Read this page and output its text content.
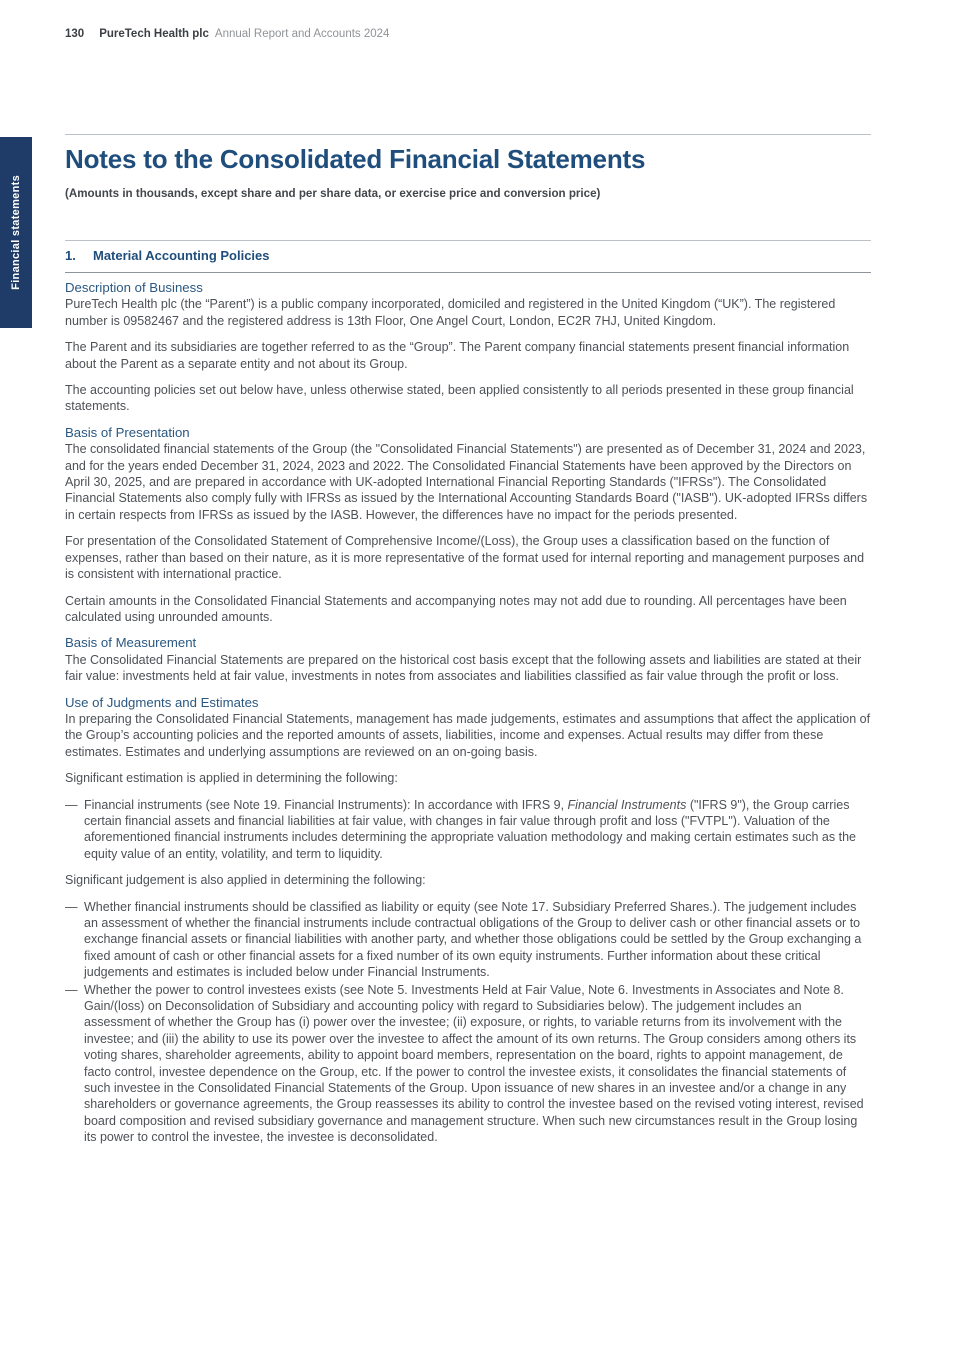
130 PureTech Health plc Annual Report and Accounts 2024
Financial statements
Notes to the Consolidated Financial Statements

(Amounts in thousands, except share and per share data, or exercise price and conversion price)

1. Material Accounting Policies
Description of Business

PureTech Health plc (the “Parent”) is a public company incorporated, domiciled and registered in the United Kingdom (“UK”). The registered number is 09582467 and the registered address is 13th Floor, One Angel Court, London, EC2R 7HJ, United Kingdom.

The Parent and its subsidiaries are together referred to as the “Group”. The Parent company financial statements present financial information about the Parent as a separate entity and not about its Group.

The accounting policies set out below have, unless otherwise stated, been applied consistently to all periods presented in these group financial statements.

Basis of Presentation

The consolidated financial statements of the Group (the "Consolidated Financial Statements") are presented as of December 31, 2024 and 2023, and for the years ended December 31, 2024, 2023 and 2022. The Consolidated Financial Statements have been approved by the Directors on April 30, 2025, and are prepared in accordance with UK-adopted International Financial Reporting Standards ("IFRSs"). The Consolidated Financial Statements also comply fully with IFRSs as issued by the International Accounting Standards Board ("IASB"). UK-adopted IFRSs differs in certain respects from IFRSs as issued by the IASB. However, the differences have no impact for the periods presented.

For presentation of the Consolidated Statement of Comprehensive Income/(Loss), the Group uses a classification based on the function of expenses, rather than based on their nature, as it is more representative of the format used for internal reporting and management purposes and is consistent with international practice.

Certain amounts in the Consolidated Financial Statements and accompanying notes may not add due to rounding. All percentages have been calculated using unrounded amounts.

Basis of Measurement

The Consolidated Financial Statements are prepared on the historical cost basis except that the following assets and liabilities are stated at their fair value: investments held at fair value, investments in notes from associates and liabilities classified as fair value through the profit or loss.

Use of Judgments and Estimates

In preparing the Consolidated Financial Statements, management has made judgements, estimates and assumptions that affect the application of the Group’s accounting policies and the reported amounts of assets, liabilities, income and expenses. Actual results may differ from these estimates. Estimates and underlying assumptions are reviewed on an on-going basis.

Significant estimation is applied in determining the following:

— Financial instruments (see Note 19. Financial Instruments): In accordance with IFRS 9, Financial Instruments ("IFRS 9"), the Group carries certain financial assets and financial liabilities at fair value, with changes in fair value through profit and loss ("FVTPL"). Valuation of the aforementioned financial instruments includes determining the appropriate valuation methodology and making certain estimates such as the equity value of an entity, volatility, and term to liquidity.

Significant judgement is also applied in determining the following:

— Whether financial instruments should be classified as liability or equity (see Note 17. Subsidiary Preferred Shares.). The judgement includes an assessment of whether the financial instruments include contractual obligations of the Group to deliver cash or other financial assets or to exchange financial assets or financial liabilities with another party, and whether those obligations could be settled by the Group exchanging a fixed amount of cash or other financial assets for a fixed number of its own equity instruments. Further information about these critical judgements and estimates is included below under Financial Instruments.
— Whether the power to control investees exists (see Note 5. Investments Held at Fair Value, Note 6. Investments in Associates and Note 8. Gain/(loss) on Deconsolidation of Subsidiary and accounting policy with regard to Subsidiaries below). The judgement includes an assessment of whether the Group has (i) power over the investee; (ii) exposure, or rights, to variable returns from its involvement with the investee; and (iii) the ability to use its power over the investee to affect the amount of its own returns. The Group considers among others its voting shares, shareholder agreements, ability to appoint board members, representation on the board, rights to appoint management, de facto control, investee dependence on the Group, etc. If the power to control the investee exists, it consolidates the financial statements of such investee in the Consolidated Financial Statements of the Group. Upon issuance of new shares in an investee and/or a change in any shareholders or governance agreements, the Group reassesses its ability to control the investee based on the revised voting interest, revised board composition and revised subsidiary governance and management structure. When such new circumstances result in the Group losing its power to control the investee, the investee is deconsolidated.
